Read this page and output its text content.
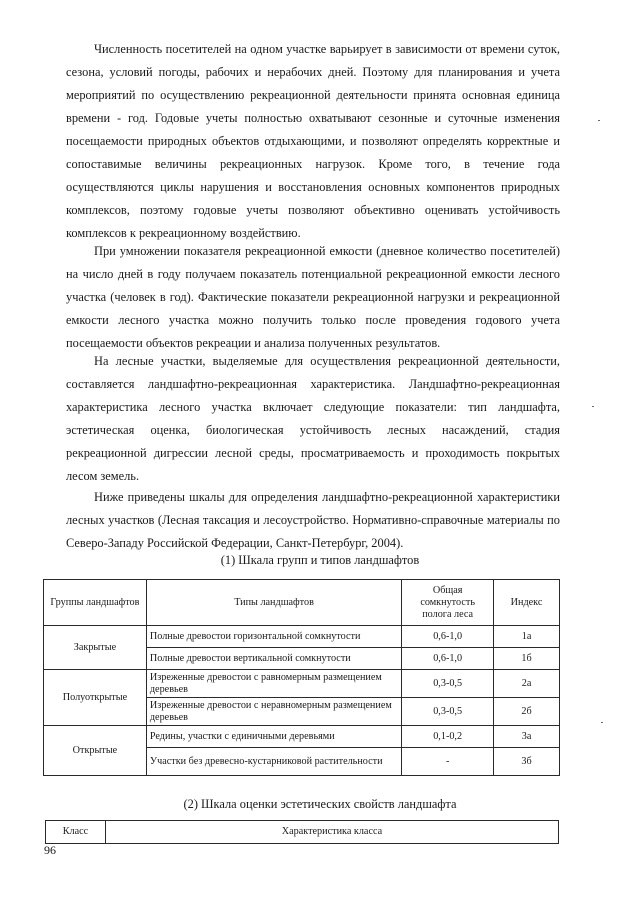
Численность посетителей на одном участке варьирует в зависимости от времени суток, сезона, условий погоды, рабочих и нерабочих дней. Поэтому для планирования и учета мероприятий по осуществлению рекреационной деятельности принята основная единица времени - год. Годовые учеты полностью охватывают сезонные и суточные изменения посещаемости природных объектов отдыхающими, и позволяют определять корректные и сопоставимые величины рекреационных нагрузок. Кроме того, в течение года осуществляются циклы нарушения и восстановления основных компонентов природных комплексов, поэтому годовые учеты позволяют объективно оценивать устойчивость комплексов к рекреационному воздействию.

При умножении показателя рекреационной емкости (дневное количество посетителей) на число дней в году получаем показатель потенциальной рекреационной емкости лесного участка (человек в год). Фактические показатели рекреационной нагрузки и рекреационной емкости лесного участка можно получить только после проведения годового учета посещаемости объектов рекреации и анализа полученных результатов.

На лесные участки, выделяемые для осуществления рекреационной деятельности, составляется ландшафтно-рекреационная характеристика. Ландшафтно-рекреационная характеристика лесного участка включает следующие показатели: тип ландшафта, эстетическая оценка, биологическая устойчивость лесных насаждений, стадия рекреационной дигрессии лесной среды, просматриваемость и проходимость покрытых лесом земель.

Ниже приведены шкалы для определения ландшафтно-рекреационной характеристики лесных участков (Лесная таксация и лесоустройство. Нормативно-справочные материалы по Северо-Западу Российской Федерации, Санкт-Петербург, 2004).

(1) Шкала групп и типов ландшафтов
Группы ландшафтов	Типы ландшафтов	Общая сомкнутость полога леса	Индекс
Закрытые	Полные древостои горизонтальной сомкнутости	0,6-1,0	1а
	Полные древостои вертикальной сомкнутости	0,6-1,0	1б
Полуоткрытые	Изреженные древостои с равномерным размещением деревьев	0,3-0,5	2а
	Изреженные древостои с неравномерным размещением деревьев	0,3-0,5	2б
Открытые	Редины, участки с единичными деревьями	0,1-0,2	3а
	Участки без древесно-кустарниковой растительности	-	3б
(2) Шкала оценки эстетических свойств ландшафта
Класс	Характеристика класса
96
